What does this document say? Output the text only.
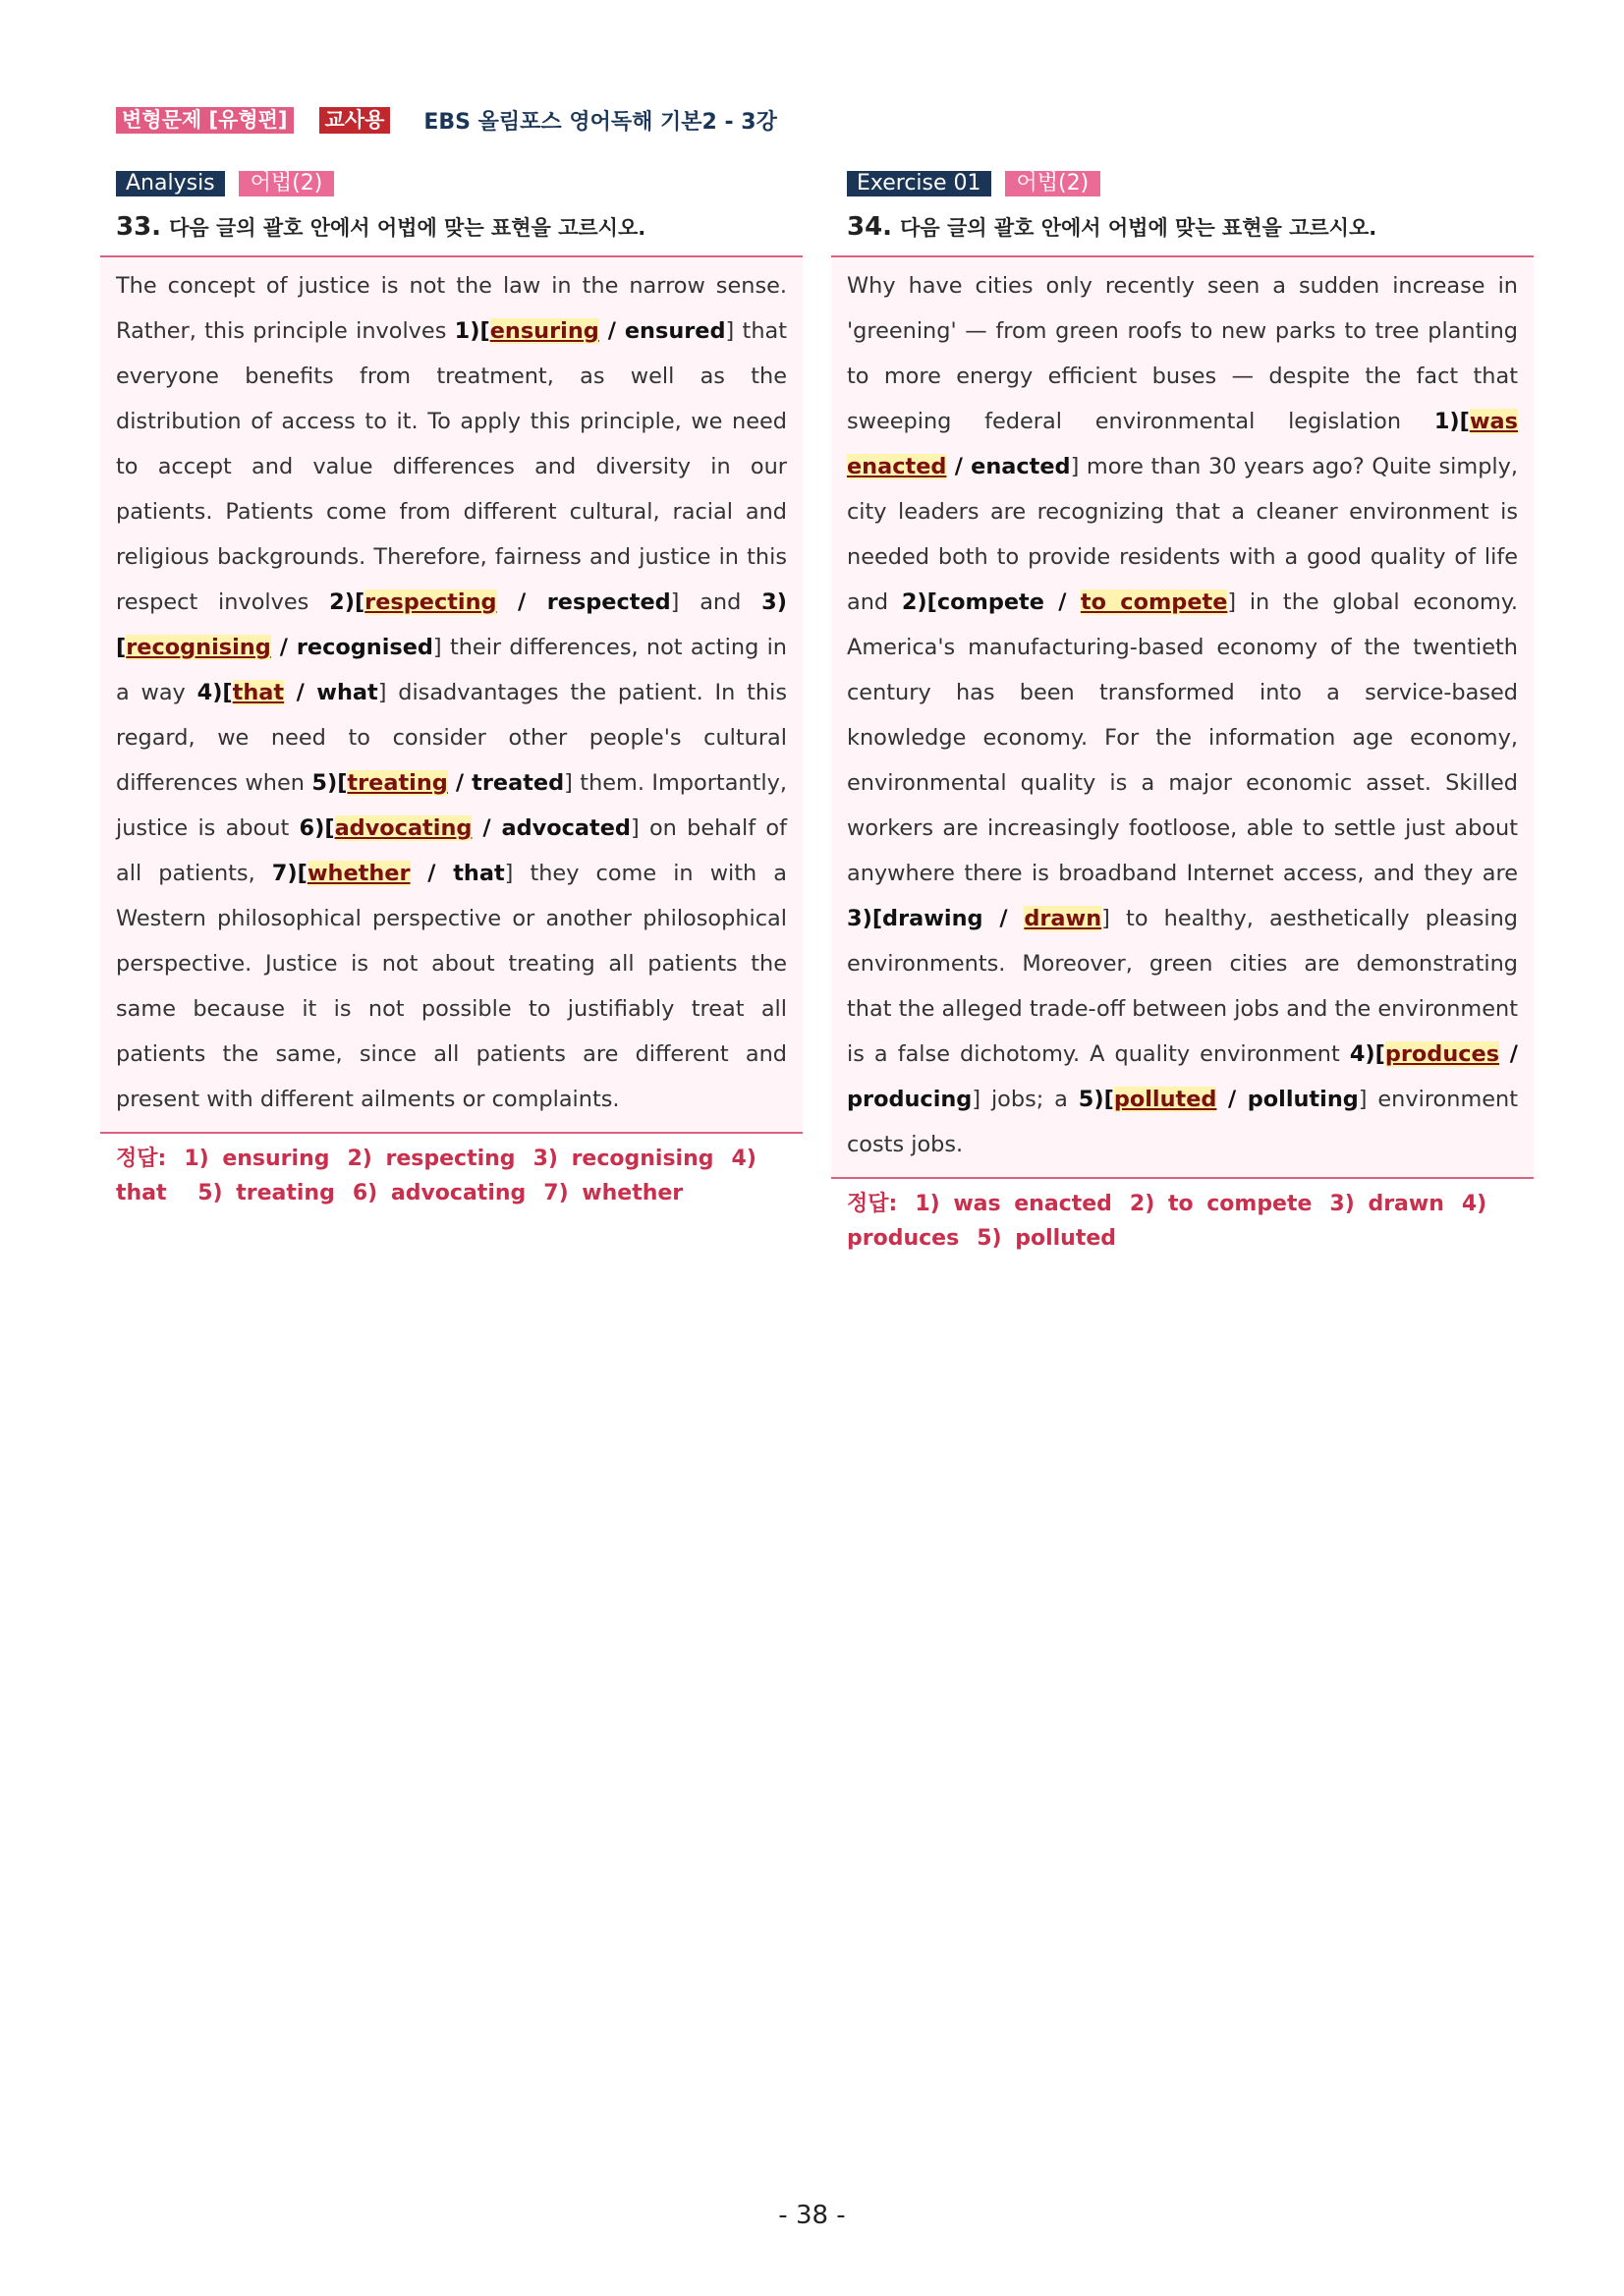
변형문제 [유형편] 교사용 EBS 올림포스 영어독해 기본2 - 3강
Analysis	어법(2)
33. 다음 글의 괄호 안에서 어법에 맞는 표현을 고르시오.
The concept of justice is not the law in the narrow sense. Rather, this principle involves 1)[ensuring / ensured] that everyone benefits from treatment, as well as the distribution of access to it. To apply this principle, we need to accept and value differences and diversity in our patients. Patients come from different cultural, racial and religious backgrounds. Therefore, fairness and justice in this respect involves 2)[respecting / respected] and 3)[recognising / recognised] their differences, not acting in a way 4)[that / what] disadvantages the patient. In this regard, we need to consider other people's cultural differences when 5)[treating / treated] them. Importantly, justice is about 6)[advocating / advocated] on behalf of all patients, 7)[whether / that] they come in with a Western philosophical perspective or another philosophical perspective. Justice is not about treating all patients the same because it is not possible to justifiably treat all patients the same, since all patients are different and present with different ailments or complaints.
정답: 1) ensuring 2) respecting 3) recognising 4) that 5) treating 6) advocating 7) whether
Exercise 01	어법(2)
34. 다음 글의 괄호 안에서 어법에 맞는 표현을 고르시오.
Why have cities only recently seen a sudden increase in 'greening' — from green roofs to new parks to tree planting to more energy efficient buses — despite the fact that sweeping federal environmental legislation 1)[was enacted / enacted] more than 30 years ago? Quite simply, city leaders are recognizing that a cleaner environment is needed both to provide residents with a good quality of life and 2)[compete / to compete] in the global economy. America's manufacturing-based economy of the twentieth century has been transformed into a service-based knowledge economy. For the information age economy, environmental quality is a major economic asset. Skilled workers are increasingly footloose, able to settle just about anywhere there is broadband Internet access, and they are 3)[drawing / drawn] to healthy, aesthetically pleasing environments. Moreover, green cities are demonstrating that the alleged trade-off between jobs and the environment is a false dichotomy. A quality environment 4)[produces / producing] jobs; a 5)[polluted / polluting] environment costs jobs.
정답: 1) was enacted 2) to compete 3) drawn 4) produces 5) polluted
- 38 -
